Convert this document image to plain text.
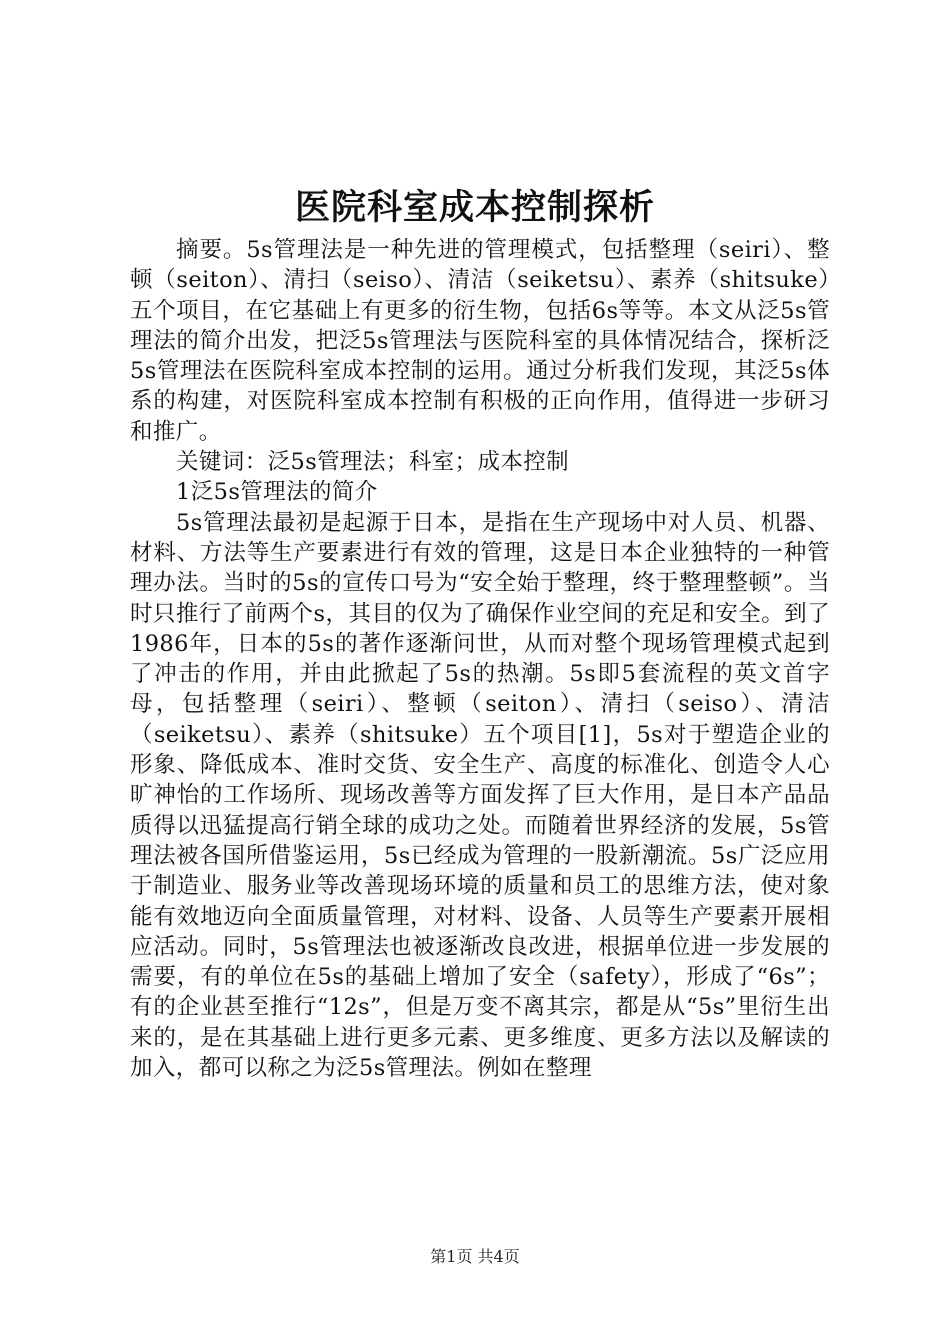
医院科室成本控制探析

摘要。5s管理法是一种先进的管理模式，包括整理（seiri）、整顿（seiton）、清扫（seiso）、清洁（seiketsu）、素养（shitsuke）五个项目，在它基础上有更多的衍生物，包括6s等等。本文从泛5s管理法的简介出发，把泛5s管理法与医院科室的具体情况结合，探析泛5s管理法在医院科室成本控制的运用。通过分析我们发现，其泛5s体系的构建，对医院科室成本控制有积极的正向作用，值得进一步研习和推广。

关键词：泛5s管理法；科室；成本控制

1泛5s管理法的简介

5s管理法最初是起源于日本，是指在生产现场中对人员、机器、材料、方法等生产要素进行有效的管理，这是日本企业独特的一种管理办法。当时的5s的宣传口号为“安全始于整理，终于整理整顿”。当时只推行了前两个s，其目的仅为了确保作业空间的充足和安全。到了1986年，日本的5s的著作逐渐问世，从而对整个现场管理模式起到了冲击的作用，并由此掀起了5s的热潮。5s即5套流程的英文首字母，包括整理（seiri）、整顿（seiton）、清扫（seiso）、清洁（seiketsu）、素养（shitsuke）五个项目[1]，5s对于塑造企业的形象、降低成本、准时交货、安全生产、高度的标准化、创造令人心旷神怡的工作场所、现场改善等方面发挥了巨大作用，是日本产品品质得以迅猛提高行销全球的成功之处。而随着世界经济的发展，5s管理法被各国所借鉴运用，5s已经成为管理的一股新潮流。5s广泛应用于制造业、服务业等改善现场环境的质量和员工的思维方法，使对象能有效地迈向全面质量管理，对材料、设备、人员等生产要素开展相应活动。同时，5s管理法也被逐渐改良改进，根据单位进一步发展的需要，有的单位在5s的基础上增加了安全（safety），形成了“6s”；有的企业甚至推行“12s”，但是万变不离其宗，都是从“5s”里衍生出来的，是在其基础上进行更多元素、更多维度、更多方法以及解读的加入，都可以称之为泛5s管理法。例如在整理

第1页 共4页
